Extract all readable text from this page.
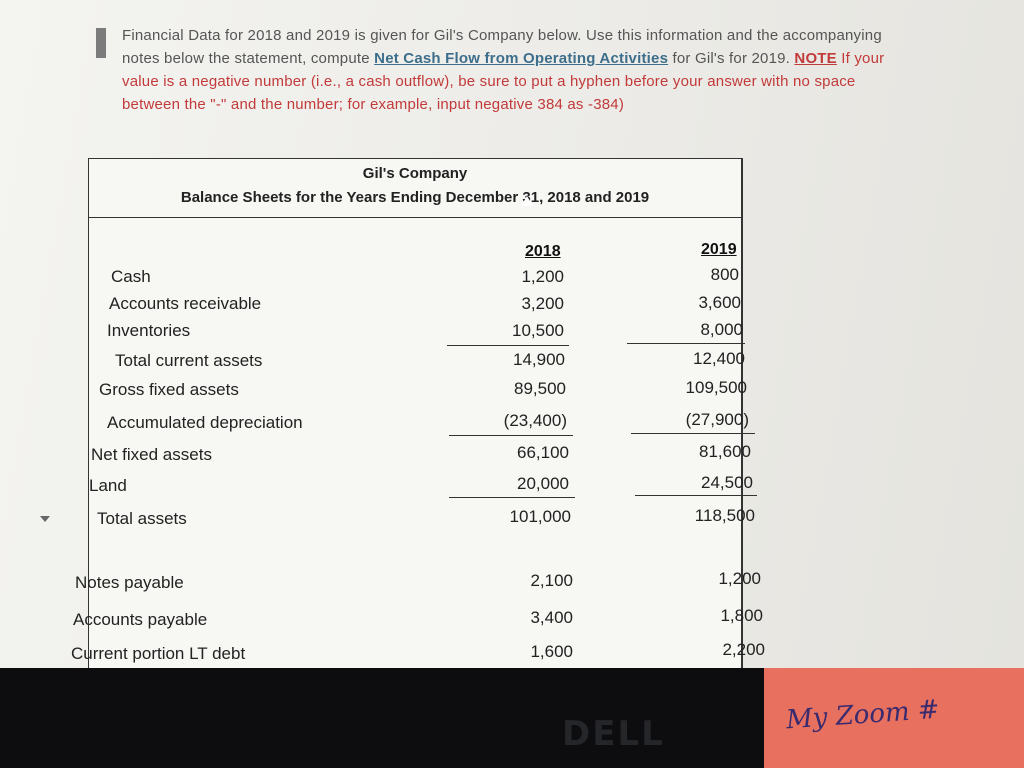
Financial Data for 2018 and 2019 is given for Gil's Company below. Use this information and the accompanying notes below the statement, compute Net Cash Flow from Operating Activities for Gil's for 2019. NOTE If your value is a negative number (i.e., a cash outflow), be sure to put a hyphen before your answer with no space between the "-" and the number; for example, input negative 384 as -384)
Gil's Company
Balance Sheets for the Years Ending December 31, 2018 and 2019
2018	2019
Cash	1,200	800
Accounts receivable	3,200	3,600
Inventories	10,500	8,000
Total current assets	14,900	12,400
Gross fixed assets	89,500	109,500
Accumulated depreciation	(23,400)	(27,900)
Net fixed assets	66,100	81,600
Land	20,000	24,500
Total assets	101,000	118,500
Notes payable	2,100	1,200
Accounts payable	3,400	1,800
Current portion LT debt	1,600	2,200
DELL	My Zoom #
